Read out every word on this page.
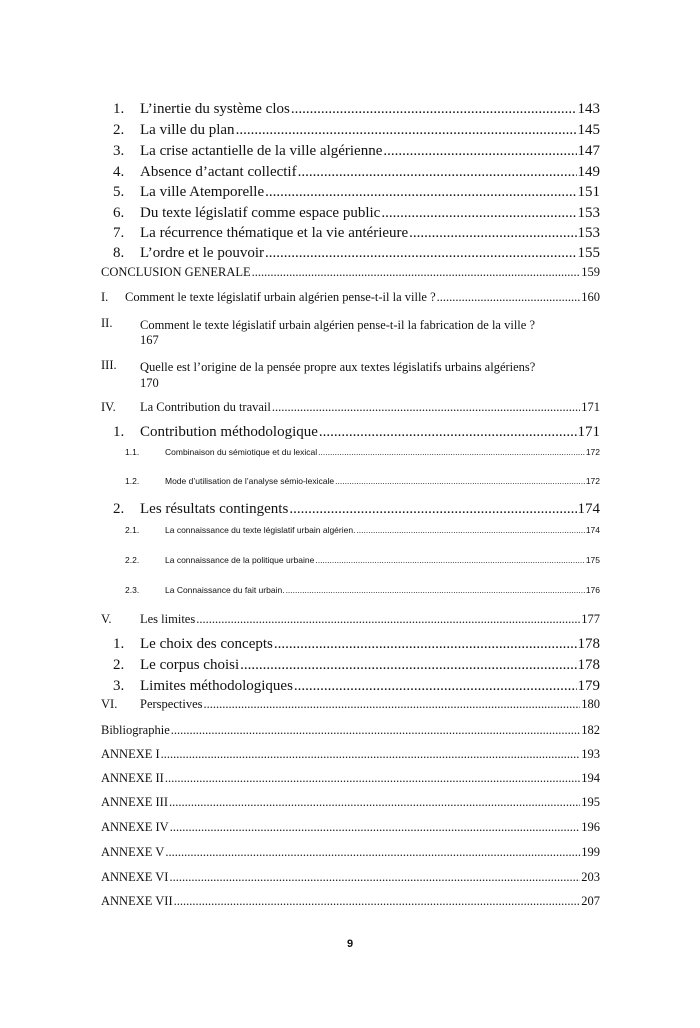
1. L’inertie du système clos .....	143
2. La ville du plan .....	145
3. La crise actantielle de la ville algérienne .....	147
4. Absence d’actant collectif .....	149
5. La ville Atemporelle .....	151
6. Du texte législatif comme espace public .....	153
7. La récurrence thématique et la vie antérieure .....	153
8. L’ordre et le pouvoir .....	155
CONCLUSION GENERALE .....	159
I. Comment le texte législatif urbain algérien pense-t-il la ville ? .....	160
II. Comment le texte législatif urbain algérien pense-t-il la fabrication de la ville ?
167
III. Quelle est l’origine de la pensée propre aux textes législatifs urbains algériens?
170
IV. La Contribution du travail .....	171
1. Contribution méthodologique .....	171
1.1.	Combinaison du sémiotique et du lexical .....	172
1.2.	Mode d’utilisation de l’analyse sémio-lexicale .....	172
2. Les résultats contingents .....	174
2.1.	La connaissance du texte législatif urbain algérien. .....	174
2.2.	La connaissance de la politique urbaine .....	175
2.3.	La Connaissance du fait urbain. .....	176
V. Les limites .....	177
1. Le choix des concepts .....	178
2. Le corpus choisi .....	178
3. Limites méthodologiques .....	179
VI. Perspectives .....	180
Bibliographie .....	182
ANNEXE I .....	193
ANNEXE II .....	194
ANNEXE III .....	195
ANNEXE IV .....	196
ANNEXE V .....	199
ANNEXE VI .....	203
ANNEXE VII .....	207
9
